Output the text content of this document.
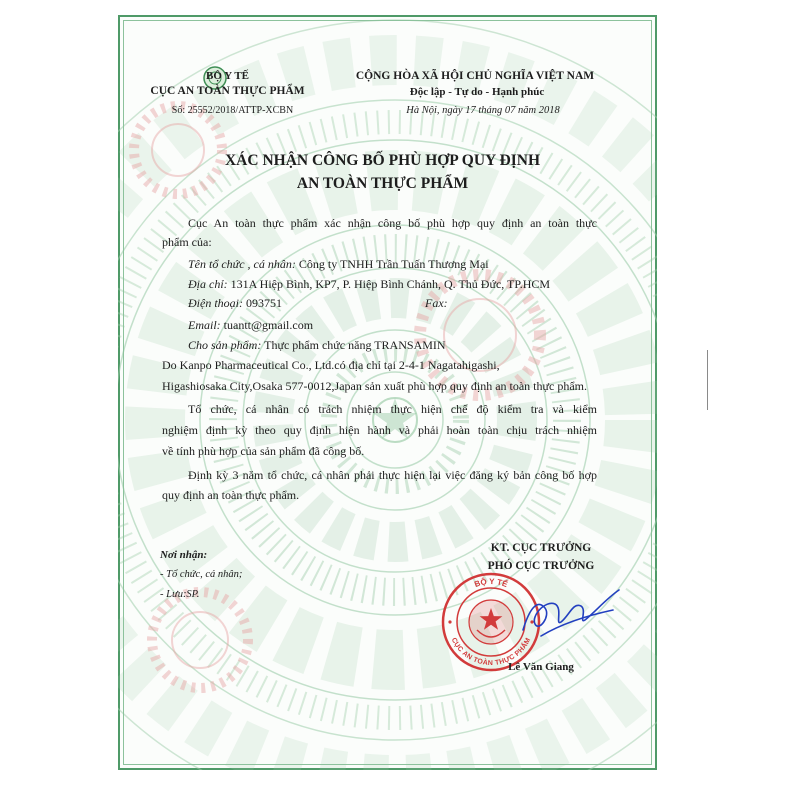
BỘ Y TẾ
CỤC AN TOÀN THỰC PHẨM
Số: 25552/2018/ATTP-XCBN
CỘNG HÒA XÃ HỘI CHỦ NGHĨA VIỆT NAM
Độc lập - Tự do - Hạnh phúc
Hà Nội, ngày 17 tháng 07 năm 2018
XÁC NHẬN CÔNG BỐ PHÙ HỢP QUY ĐỊNH
AN TOÀN THỰC PHẨM
Cục An toàn thực phẩm xác nhận công bố phù hợp quy định an toàn thực
phẩm của:
Tên tổ chức , cá nhân: Công ty TNHH Trần Tuấn Thương Mại
Địa chỉ: 131A Hiệp Bình, KP7, P. Hiệp Bình Chánh, Q. Thủ Đức, TP.HCM
Điện thoại: 093751	Fax:
Email: tuantt@gmail.com
Cho sản phẩm: Thực phẩm chức năng TRANSAMIN
Do Kanpo Pharmaceutical Co., Ltd.có địa chỉ tại 2-4-1 Nagatahigashi,
Higashiosaka City,Osaka 577-0012,Japan sản xuất phù hợp quy định an toàn thực phẩm.
Tổ chức, cá nhân có trách nhiệm thực hiện chế độ kiểm tra và kiểm
nghiệm định kỳ theo quy định hiện hành và phải hoàn toàn chịu trách nhiệm
về tính phù hợp của sản phẩm đã công bố.
Định kỳ 3 năm tổ chức, cá nhân phải thực hiện lại việc đăng ký bản công bố hợp
quy định an toàn thực phẩm.
Nơi nhận:
- Tổ chức, cá nhân;
- Lưu:SP.
KT. CỤC TRƯỞNG
PHÓ CỤC TRƯỞNG
BỘ Y TẾ
CỤC AN TOÀN THỰC PHẨM
Lê Văn Giang
